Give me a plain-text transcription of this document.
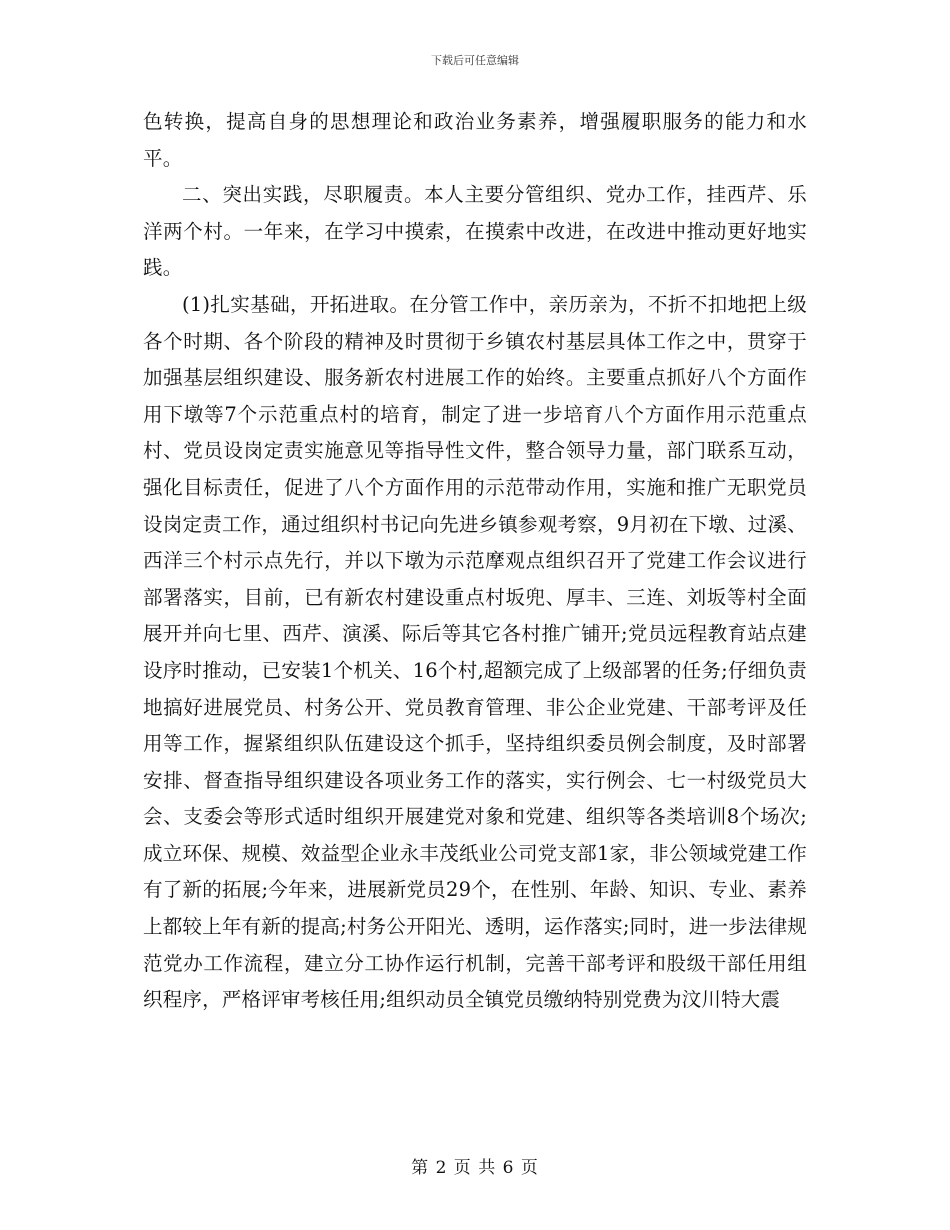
下载后可任意编辑

色转换，提高自身的思想理论和政治业务素养，增强履职服务的能力和水平。

二、突出实践，尽职履责。本人主要分管组织、党办工作，挂西芹、乐洋两个村。一年来，在学习中摸索，在摸索中改进，在改进中推动更好地实践。

(1)扎实基础，开拓进取。在分管工作中，亲历亲为，不折不扣地把上级各个时期、各个阶段的精神及时贯彻于乡镇农村基层具体工作之中，贯穿于加强基层组织建设、服务新农村进展工作的始终。主要重点抓好八个方面作用下墩等7个示范重点村的培育，制定了进一步培育八个方面作用示范重点村、党员设岗定责实施意见等指导性文件，整合领导力量，部门联系互动，强化目标责任，促进了八个方面作用的示范带动作用，实施和推广无职党员设岗定责工作，通过组织村书记向先进乡镇参观考察，9月初在下墩、过溪、西洋三个村示点先行，并以下墩为示范摩观点组织召开了党建工作会议进行部署落实，目前，已有新农村建设重点村坂兜、厚丰、三连、刘坂等村全面展开并向七里、西芹、演溪、际后等其它各村推广铺开;党员远程教育站点建设序时推动，已安装1个机关、16个村,超额完成了上级部署的任务;仔细负责地搞好进展党员、村务公开、党员教育管理、非公企业党建、干部考评及任用等工作，握紧组织队伍建设这个抓手，坚持组织委员例会制度，及时部署安排、督查指导组织建设各项业务工作的落实，实行例会、七一村级党员大会、支委会等形式适时组织开展建党对象和党建、组织等各类培训8个场次;成立环保、规模、效益型企业永丰茂纸业公司党支部1家，非公领域党建工作有了新的拓展;今年来，进展新党员29个，在性别、年龄、知识、专业、素养上都较上年有新的提高;村务公开阳光、透明，运作落实;同时，进一步法律规范党办工作流程，建立分工协作运行机制，完善干部考评和股级干部任用组织程序，严格评审考核任用;组织动员全镇党员缴纳特别党费为汶川特大震

第 2 页 共 6 页
